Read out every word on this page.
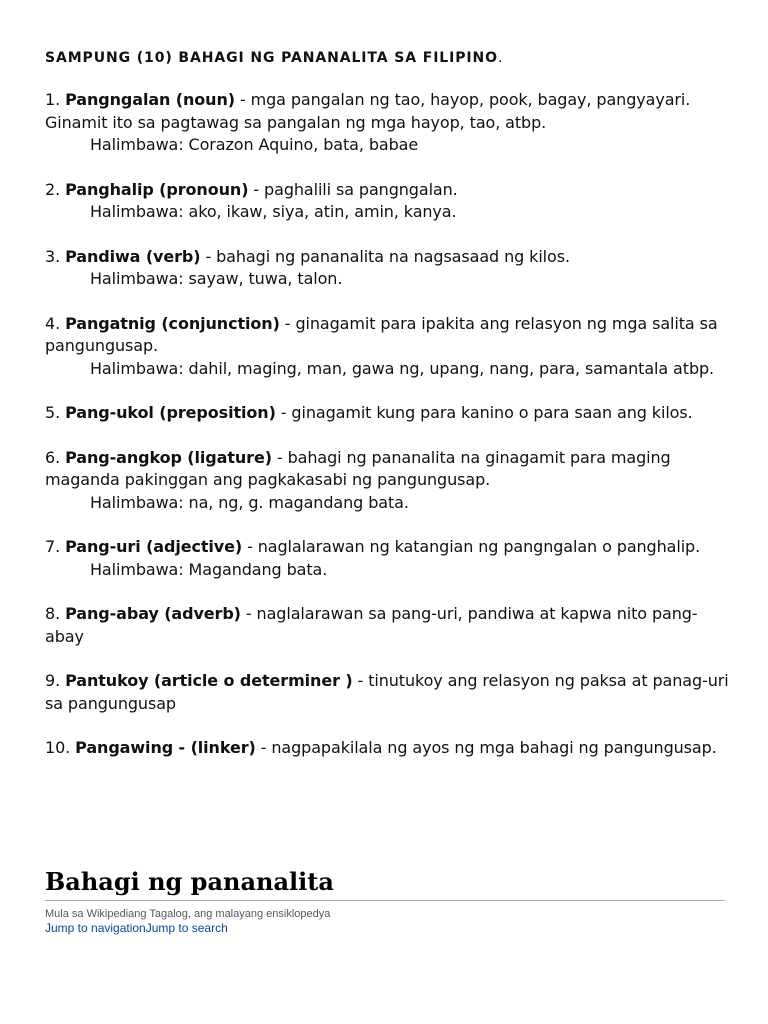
SAMPUNG (10) BAHAGI NG PANANALITA SA FILIPINO.
1. Pangngalan (noun) - mga pangalan ng tao, hayop, pook, bagay, pangyayari. Ginamit ito sa pagtawag sa pangalan ng mga hayop, tao, atbp.
Halimbawa: Corazon Aquino, bata, babae
2. Panghalip (pronoun) - paghalili sa pangngalan.
Halimbawa: ako, ikaw, siya, atin, amin, kanya.
3. Pandiwa (verb) - bahagi ng pananalita na nagsasaad ng kilos.
Halimbawa: sayaw, tuwa, talon.
4. Pangatnig (conjunction) - ginagamit para ipakita ang relasyon ng mga salita sa pangungusap.
Halimbawa: dahil, maging, man, gawa ng, upang, nang, para, samantala atbp.
5. Pang-ukol (preposition) - ginagamit kung para kanino o para saan ang kilos.
6. Pang-angkop (ligature) - bahagi ng pananalita na ginagamit para maging maganda pakinggan ang pagkakasabi ng pangungusap.
Halimbawa: na, ng, g. magandang bata.
7. Pang-uri (adjective) - naglalarawan ng katangian ng pangngalan o panghalip.
Halimbawa: Magandang bata.
8. Pang-abay (adverb) - naglalarawan sa pang-uri, pandiwa at kapwa nito pang-abay
9. Pantukoy (article o determiner ) - tinutukoy ang relasyon ng paksa at panag-uri sa pangungusap
10. Pangawing - (linker) - nagpapakilala ng ayos ng mga bahagi ng pangungusap.
Bahagi ng pananalita
Mula sa Wikipediang Tagalog, ang malayang ensiklopedya
Jump to navigationJump to search
